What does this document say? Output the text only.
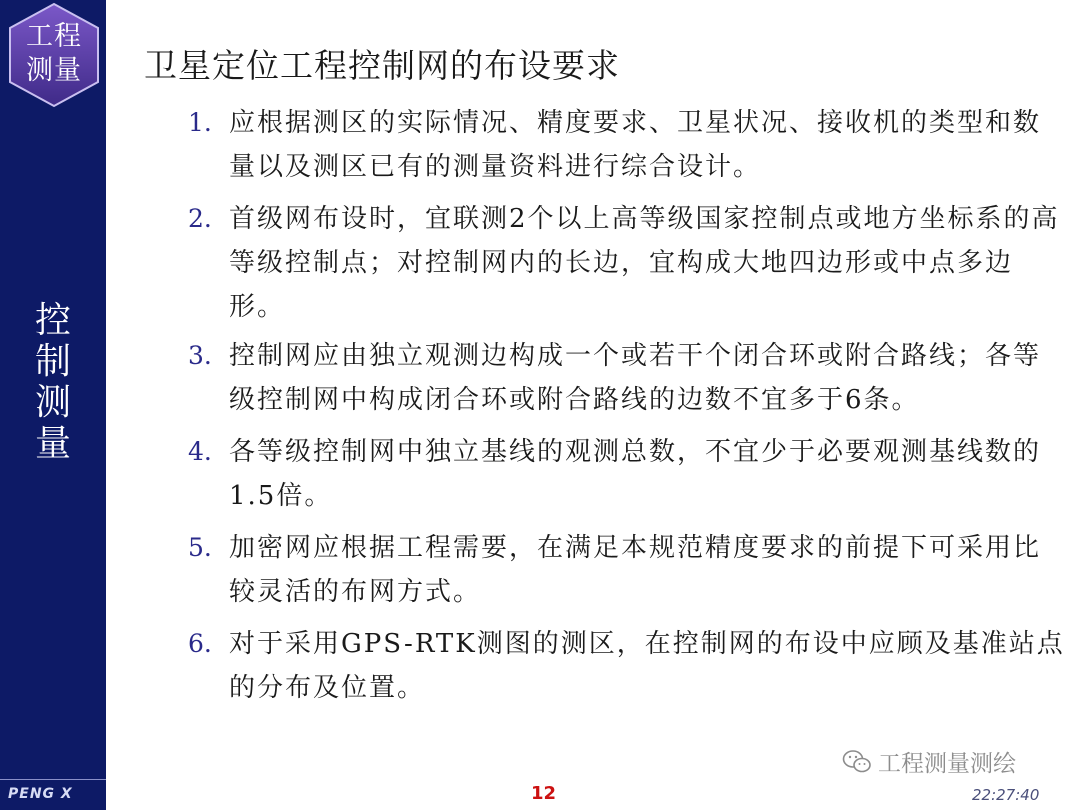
工程
测量
控
制
测
量
PENG X
卫星定位工程控制网的布设要求
1. 应根据测区的实际情况、精度要求、卫星状况、接收机的类型和数量以及测区已有的测量资料进行综合设计。
2. 首级网布设时，宜联测2个以上高等级国家控制点或地方坐标系的高等级控制点；对控制网内的长边，宜构成大地四边形或中点多边形。
3. 控制网应由独立观测边构成一个或若干个闭合环或附合路线；各等级控制网中构成闭合环或附合路线的边数不宜多于6条。
4. 各等级控制网中独立基线的观测总数，不宜少于必要观测基线数的1.5倍。
5. 加密网应根据工程需要，在满足本规范精度要求的前提下可采用比较灵活的布网方式。
6. 对于采用GPS-RTK测图的测区，在控制网的布设中应顾及基准站点的分布及位置。
工程测量测绘
12	22:27:40
